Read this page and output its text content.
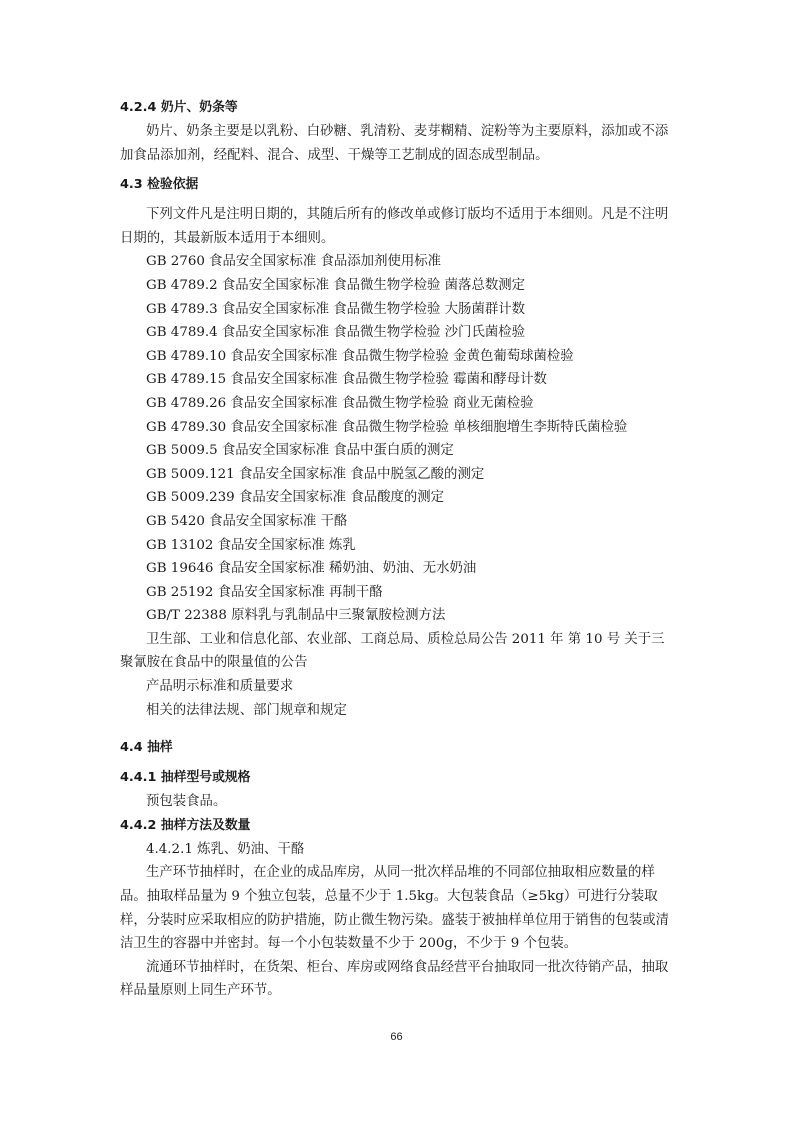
4.2.4 奶片、奶条等

奶片、奶条主要是以乳粉、白砂糖、乳清粉、麦芽糊精、淀粉等为主要原料，添加或不添加食品添加剂，经配料、混合、成型、干燥等工艺制成的固态成型制品。

4.3 检验依据

下列文件凡是注明日期的，其随后所有的修改单或修订版均不适用于本细则。凡是不注明日期的，其最新版本适用于本细则。

GB 2760 食品安全国家标准 食品添加剂使用标准
GB 4789.2 食品安全国家标准 食品微生物学检验 菌落总数测定
GB 4789.3 食品安全国家标准 食品微生物学检验 大肠菌群计数
GB 4789.4 食品安全国家标准 食品微生物学检验 沙门氏菌检验
GB 4789.10 食品安全国家标准 食品微生物学检验 金黄色葡萄球菌检验
GB 4789.15 食品安全国家标准 食品微生物学检验 霉菌和酵母计数
GB 4789.26 食品安全国家标准 食品微生物学检验 商业无菌检验
GB 4789.30 食品安全国家标准 食品微生物学检验 单核细胞增生李斯特氏菌检验
GB 5009.5 食品安全国家标准 食品中蛋白质的测定
GB 5009.121 食品安全国家标准 食品中脱氢乙酸的测定
GB 5009.239 食品安全国家标准 食品酸度的测定
GB 5420 食品安全国家标准 干酪
GB 13102 食品安全国家标准 炼乳
GB 19646 食品安全国家标准 稀奶油、奶油、无水奶油
GB 25192 食品安全国家标准 再制干酪
GB/T 22388 原料乳与乳制品中三聚氰胺检测方法

卫生部、工业和信息化部、农业部、工商总局、质检总局公告 2011 年 第 10 号 关于三聚氰胺在食品中的限量值的公告

产品明示标准和质量要求

相关的法律法规、部门规章和规定

4.4 抽样
4.4.1 抽样型号或规格

预包装食品。

4.4.2 抽样方法及数量

4.4.2.1 炼乳、奶油、干酪

生产环节抽样时，在企业的成品库房，从同一批次样品堆的不同部位抽取相应数量的样品。抽取样品量为 9 个独立包装，总量不少于 1.5kg。大包装食品（≥5kg）可进行分装取样，分装时应采取相应的防护措施，防止微生物污染。盛装于被抽样单位用于销售的包装或清洁卫生的容器中并密封。每一个小包装数量不少于 200g，不少于 9 个包装。

流通环节抽样时，在货架、柜台、库房或网络食品经营平台抽取同一批次待销产品，抽取样品量原则上同生产环节。

66
